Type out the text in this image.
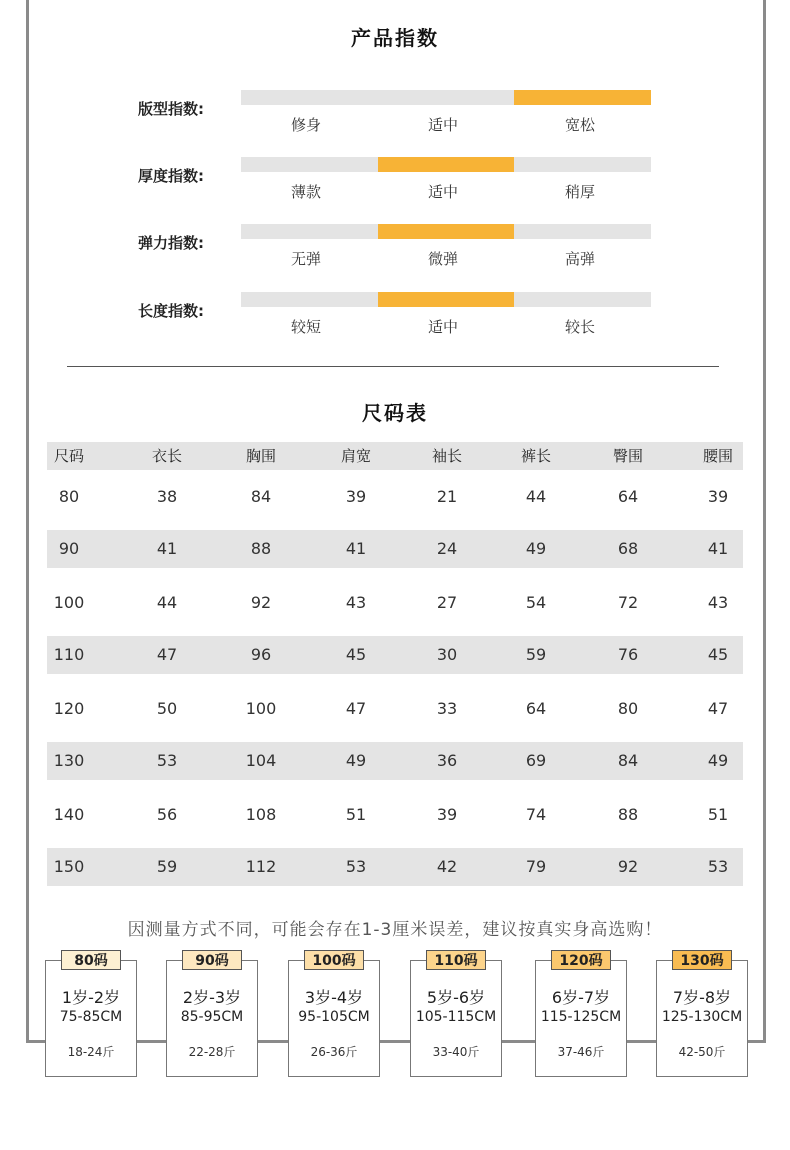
产品指数
版型指数:
修身	适中	宽松
厚度指数:
薄款	适中	稍厚
弹力指数:
无弹	微弹	高弹
长度指数:
较短	适中	较长
尺码表
尺码	衣长	胸围	肩宽	袖长	裤长	臀围	腰围
80	38	84	39	21	44	64	39
90	41	88	41	24	49	68	41
100	44	92	43	27	54	72	43
110	47	96	45	30	59	76	45
120	50	100	47	33	64	80	47
130	53	104	49	36	69	84	49
140	56	108	51	39	74	88	51
150	59	112	53	42	79	92	53
因测量方式不同，可能会存在1-3厘米误差，建议按真实身高选购！
80码
1岁-2岁
75-85CM
18-24斤
90码
2岁-3岁
85-95CM
22-28斤
100码
3岁-4岁
95-105CM
26-36斤
110码
5岁-6岁
105-115CM
33-40斤
120码
6岁-7岁
115-125CM
37-46斤
130码
7岁-8岁
125-130CM
42-50斤
